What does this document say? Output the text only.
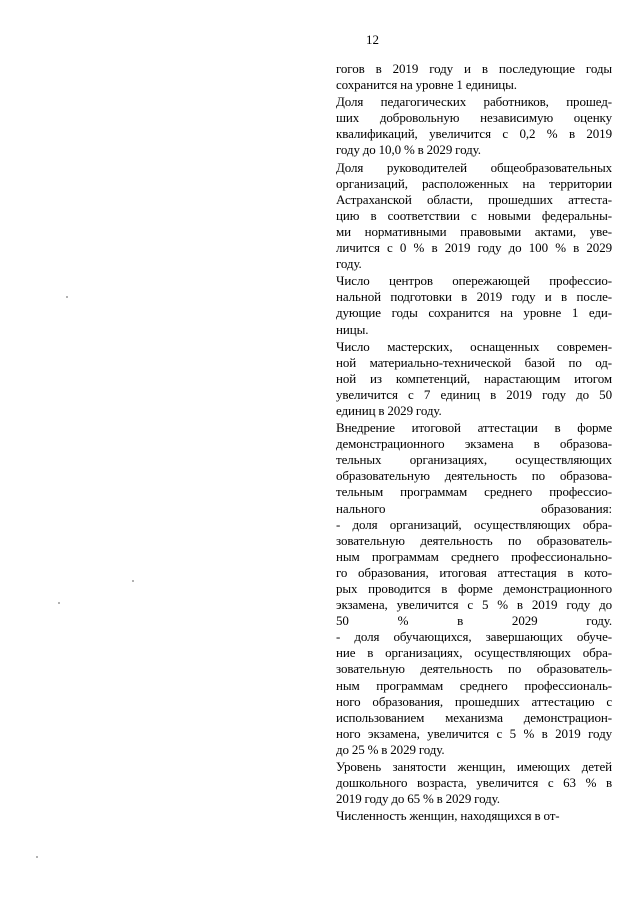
12

гогов в 2019 году и в последующие годы
сохранится на уровне 1 единицы.

Доля педагогических работников, прошед-
ших добровольную независимую оценку
квалификаций, увеличится с 0,2 % в 2019
году до 10,0 % в 2029 году.

Доля руководителей общеобразовательных
организаций, расположенных на территории
Астраханской области, прошедших аттеста-
цию в соответствии с новыми федеральны-
ми нормативными правовыми актами, уве-
личится с 0 % в 2019 году до 100 % в 2029
году.

Число центров опережающей профессио-
нальной подготовки в 2019 году и в после-
дующие годы сохранится на уровне 1 еди-
ницы.

Число мастерских, оснащенных современ-
ной материально-технической базой по од-
ной из компетенций, нарастающим итогом
увеличится с 7 единиц в 2019 году до 50
единиц в 2029 году.

Внедрение итоговой аттестации в форме
демонстрационного экзамена в образова-
тельных организациях, осуществляющих
образовательную деятельность по образова-
тельным программам среднего профессио-
нального образования:
- доля организаций, осуществляющих обра-
зовательную деятельность по образователь-
ным программам среднего профессионально-
го образования, итоговая аттестация в кото-
рых проводится в форме демонстрационного
экзамена, увеличится с 5 % в 2019 году до
50 % в 2029 году.
- доля обучающихся, завершающих обуче-
ние в организациях, осуществляющих обра-
зовательную деятельность по образователь-
ным программам среднего профессиональ-
ного образования, прошедших аттестацию с
использованием механизма демонстрацион-
ного экзамена, увеличится с 5 % в 2019 году
до 25 % в 2029 году.

Уровень занятости женщин, имеющих детей
дошкольного возраста, увеличится с 63 % в
2019 году до 65 % в 2029 году.

Численность женщин, находящихся в от-
